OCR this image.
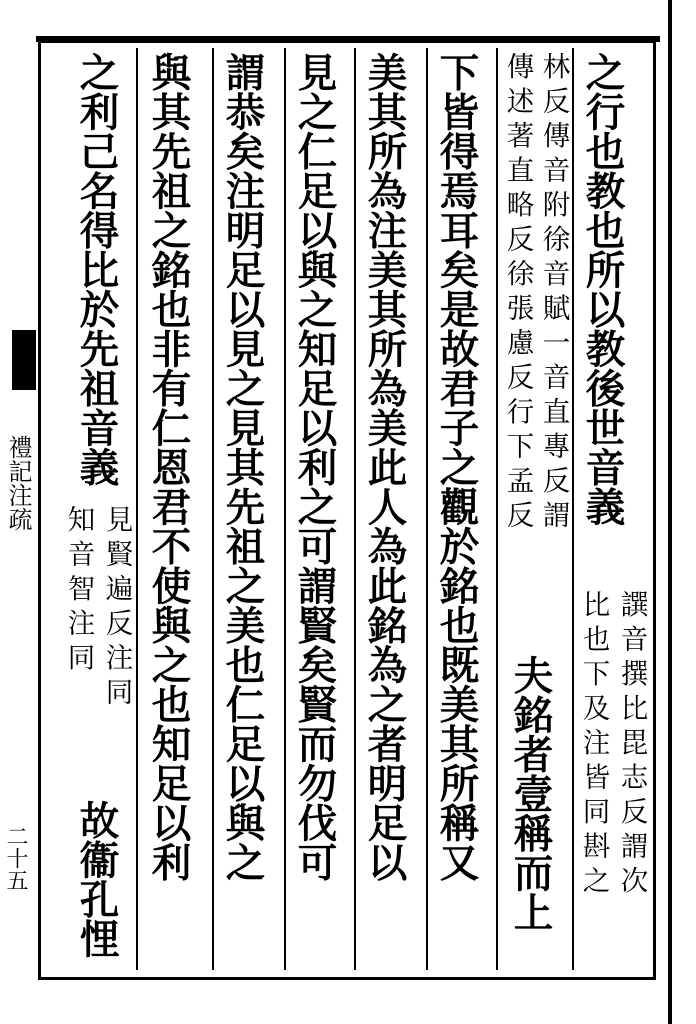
禮記注疏
二十五
之行也教也所以教後世音義
譔音撰比毘志反謂次
比也下及注皆同斟之
林反傳音附徐音賦一音直專反謂
傳述著直略反徐張慮反行下孟反
夫銘者壹稱而上
下皆得焉耳矣是故君子之觀於銘也既美其所稱又
美其所為注美其所為美此人為此銘為之者明足以
見之仁足以與之知足以利之可謂賢矣賢而勿伐可
謂恭矣注明足以見之見其先祖之美也仁足以與之
與其先祖之銘也非有仁恩君不使與之也知足以利
之利己名得比於先祖音義
見賢遍反注同
知音智注同
故衞孔悝
